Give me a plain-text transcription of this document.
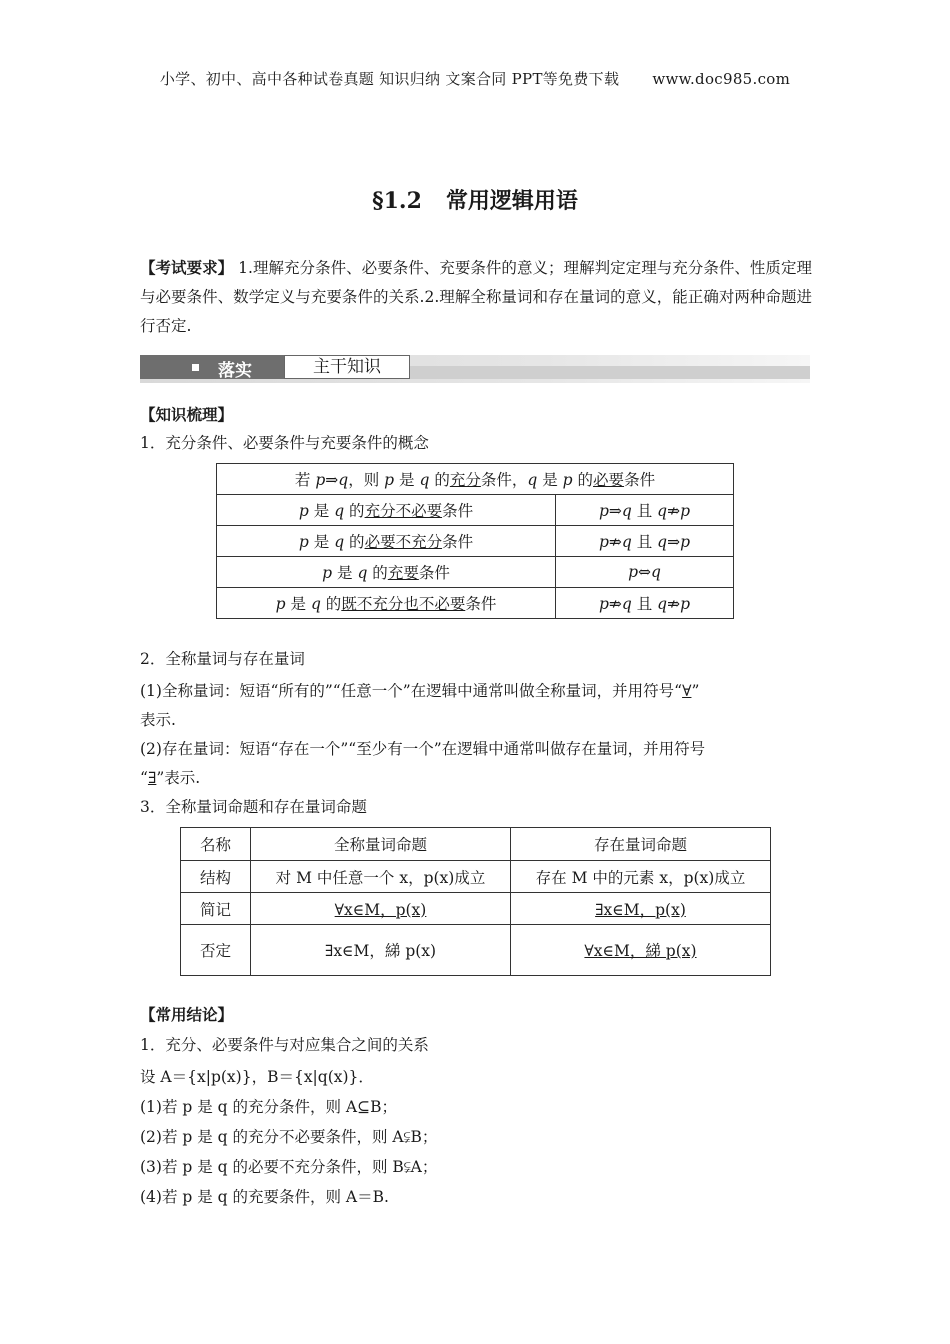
小学、初中、高中各种试卷真题 知识归纳 文案合同 PPT等免费下载 www.doc985.com
§1.2 常用逻辑用语
【考试要求】 1.理解充分条件、必要条件、充要条件的意义；理解判定定理与充分条件、性质定理与必要条件、数学定义与充要条件的关系.2.理解全称量词和存在量词的意义，能正确对两种命题进行否定.
落实	主干知识
【知识梳理】
1．充分条件、必要条件与充要条件的概念
若 p⇒q，则 p 是 q 的充分条件，q 是 p 的必要条件	
p 是 q 的充分不必要条件	p⇒q 且 q⇏p
p 是 q 的必要不充分条件	p⇏q 且 q⇒p
p 是 q 的充要条件	p⇔q
p 是 q 的既不充分也不必要条件	p⇏q 且 q⇏p
2．全称量词与存在量词
(1)全称量词：短语“所有的”“任意一个”在逻辑中通常叫做全称量词，并用符号“∀”
表示.
(2)存在量词：短语“存在一个”“至少有一个”在逻辑中通常叫做存在量词，并用符号
“∃”表示.
3．全称量词命题和存在量词命题
名称	全称量词命题	存在量词命题
结构	对 M 中任意一个 x，p(x)成立	存在 M 中的元素 x，p(x)成立
简记	∀x∈M，p(x)	∃x∈M，p(x)
否定	∃x∈M，綈 p(x)	∀x∈M，綈 p(x)
【常用结论】
1．充分、必要条件与对应集合之间的关系
设 A＝{x|p(x)}，B＝{x|q(x)}．
(1)若 p 是 q 的充分条件，则 A⊆B；
(2)若 p 是 q 的充分不必要条件，则 A⫋B；
(3)若 p 是 q 的必要不充分条件，则 B⫋A；
(4)若 p 是 q 的充要条件，则 A＝B.
